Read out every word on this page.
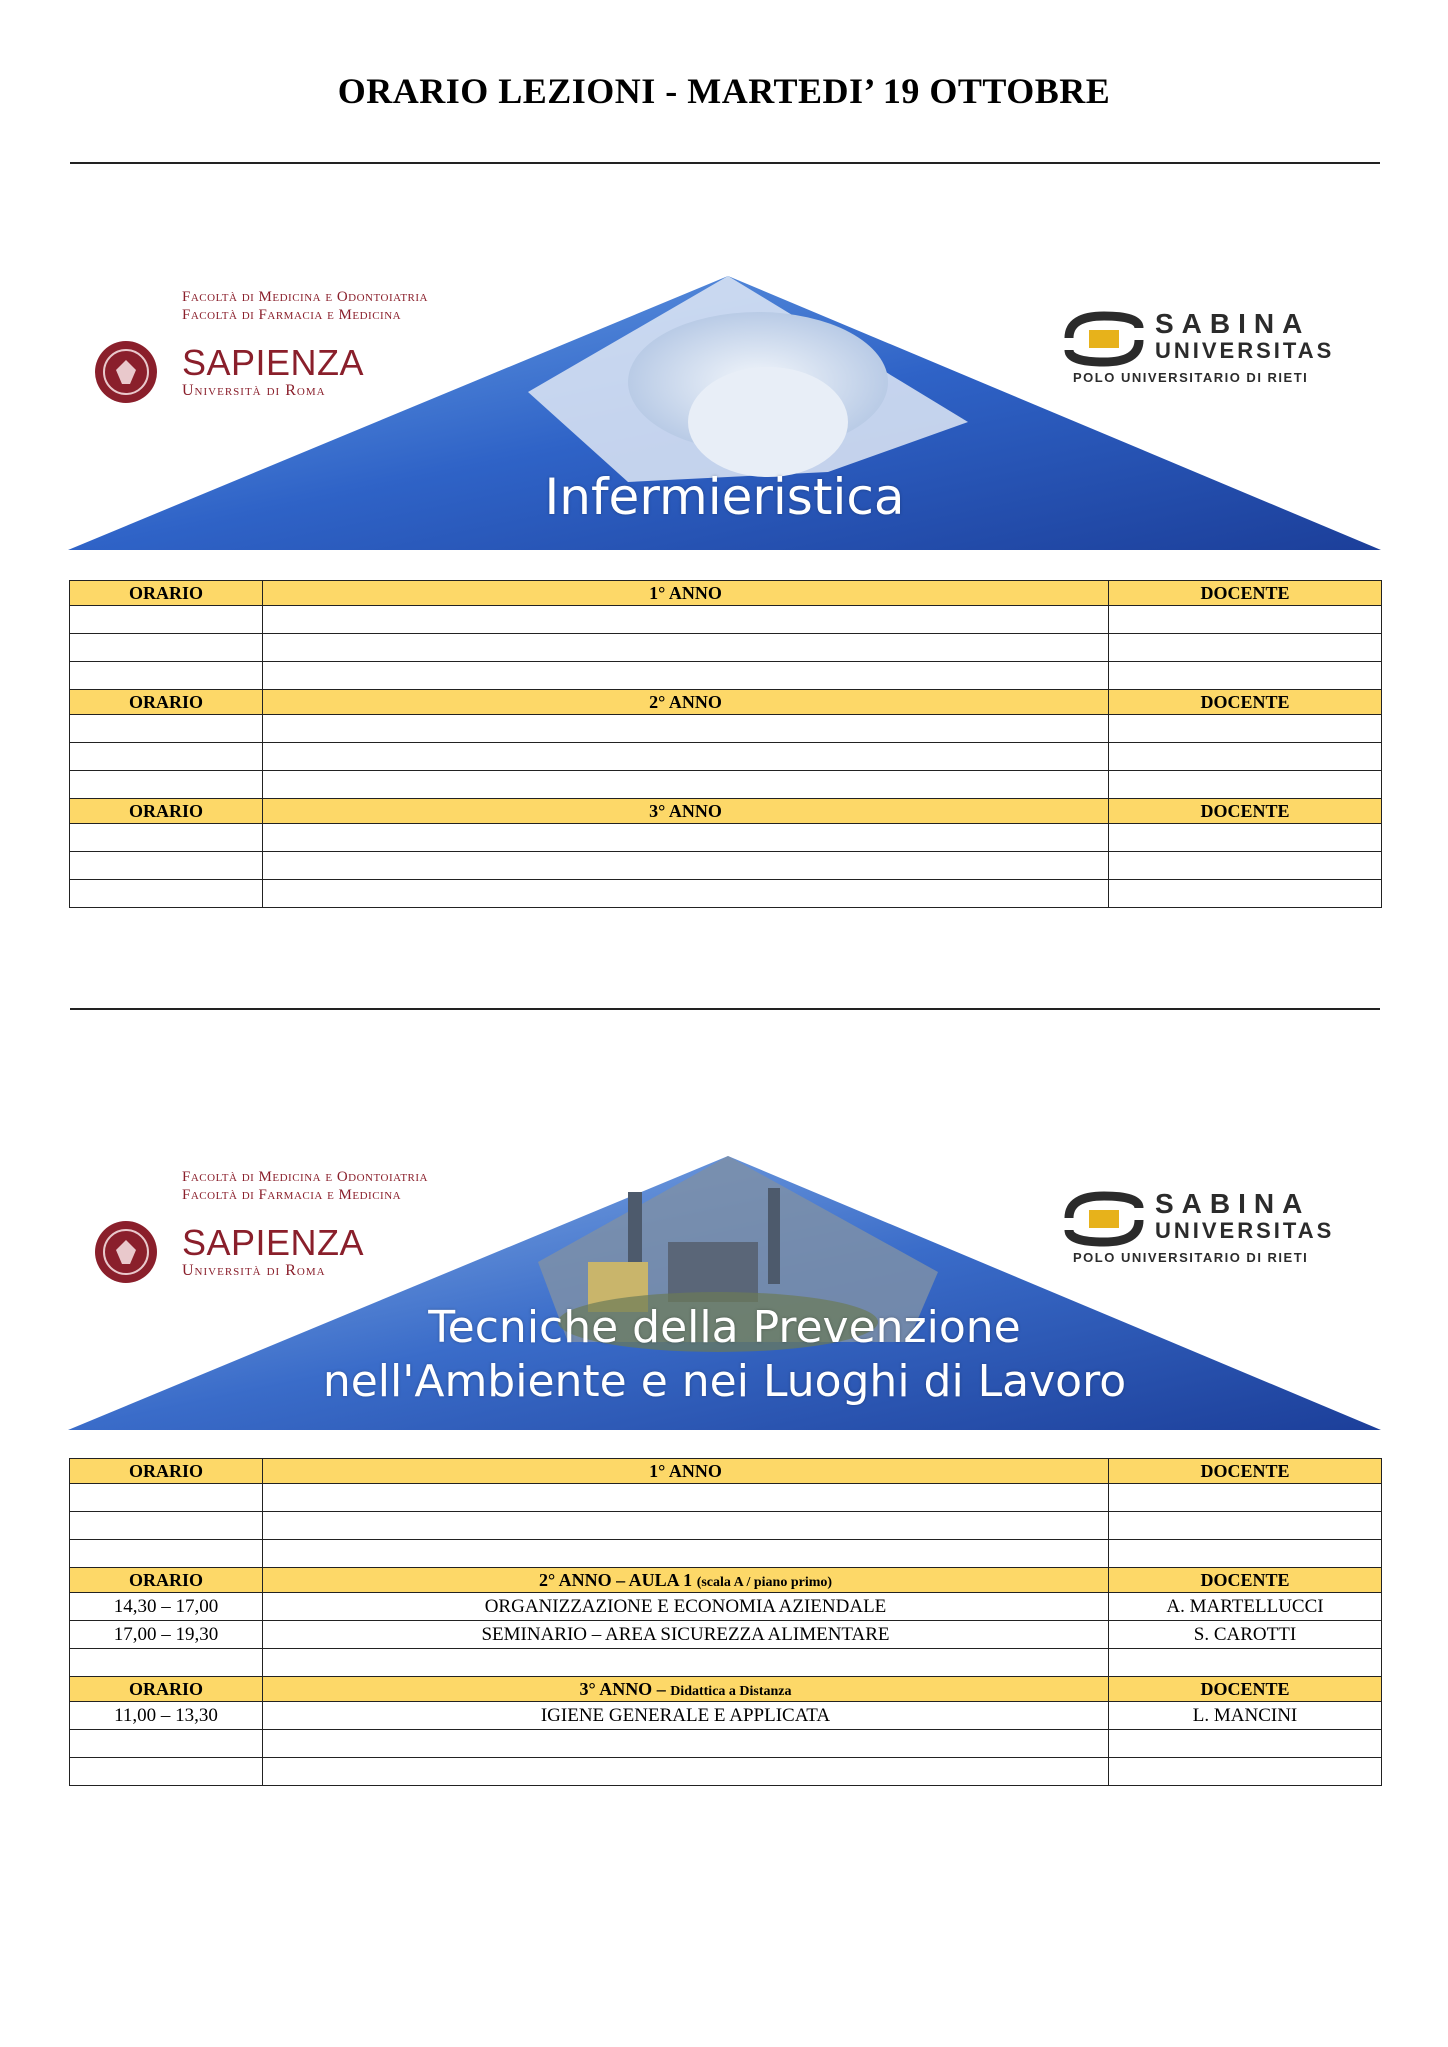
ORARIO LEZIONI - MARTEDI’ 19 OTTOBRE
Facoltà di Medicina e Odontoiatria
Facoltà di Farmacia e Medicina
SAPIENZA
Università di Roma
SABINA
UNIVERSITAS
POLO UNIVERSITARIO DI RIETI
Infermieristica
ORARIO	1° ANNO	DOCENTE

ORARIO	2° ANNO	DOCENTE

ORARIO	3° ANNO	DOCENTE

Facoltà di Medicina e Odontoiatria
Facoltà di Farmacia e Medicina
SAPIENZA
Università di Roma
SABINA
UNIVERSITAS
POLO UNIVERSITARIO DI RIETI
Tecniche della Prevenzione
nell'Ambiente e nei Luoghi di Lavoro
ORARIO	1° ANNO	DOCENTE

ORARIO	2° ANNO – AULA 1 (scala A / piano primo)	DOCENTE
14,30 – 17,00	ORGANIZZAZIONE E ECONOMIA AZIENDALE	A. MARTELLUCCI
17,00 – 19,30	SEMINARIO – AREA SICUREZZA ALIMENTARE	S. CAROTTI

ORARIO	3° ANNO – Didattica a Distanza	DOCENTE
11,00 – 13,30	IGIENE GENERALE E APPLICATA	L. MANCINI
